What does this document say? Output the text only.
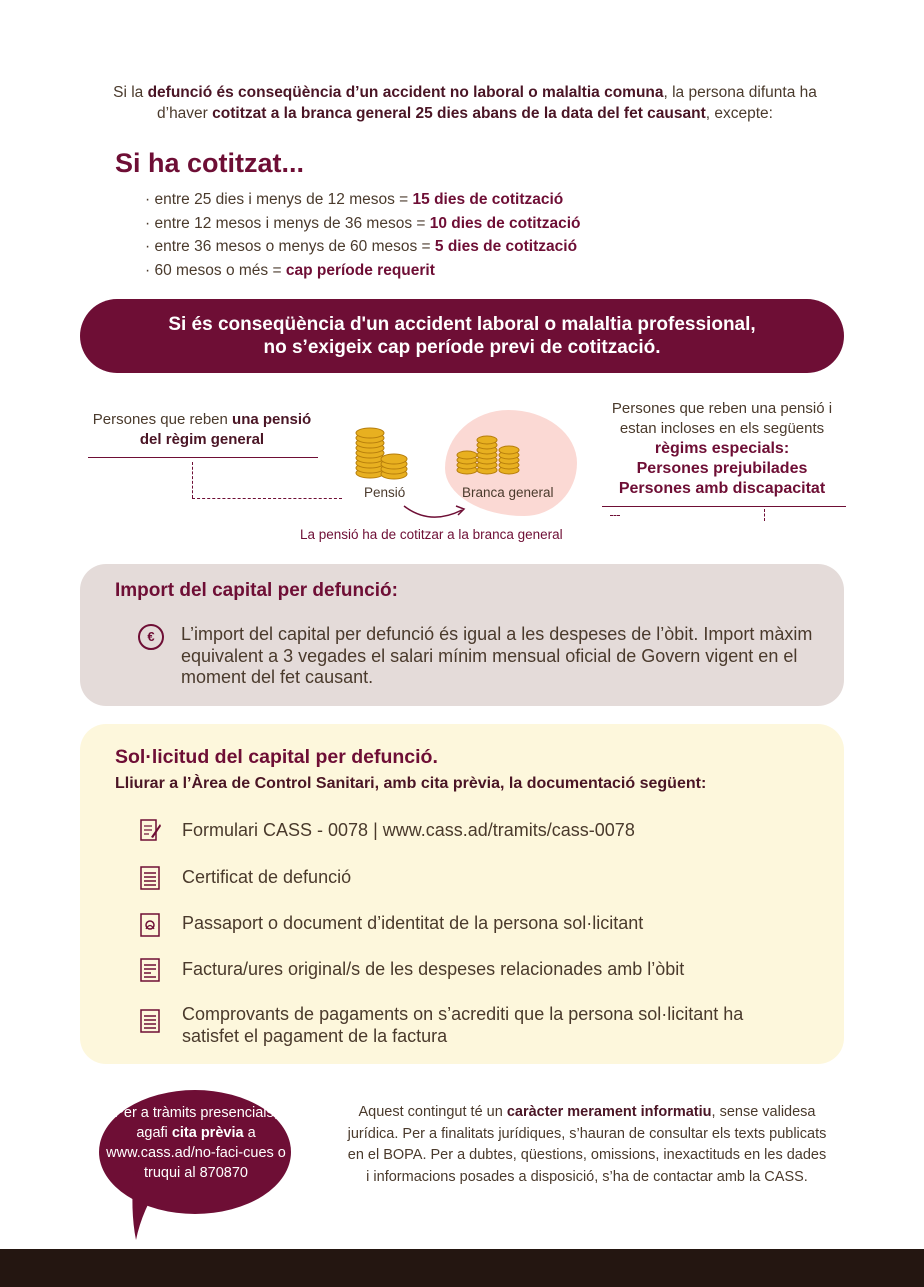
Si la defunció és conseqüència d’un accident no laboral o malaltia comuna, la persona difunta ha d’haver cotitzat a la branca general 25 dies abans de la data del fet causant, excepte:
Si ha cotitzat...
· entre 25 dies i menys de 12 mesos = 15 dies de cotització
· entre 12 mesos i menys de 36 mesos = 10 dies de cotització
· entre 36 mesos o menys de 60 mesos = 5 dies de cotització
· 60 mesos o més = cap període requerit
Si és conseqüència d'un accident laboral o malaltia professional,
no s’exigeix cap període previ de cotització.
Persones que reben una pensió del règim general
Pensió	Branca general
La pensió ha de cotitzar a la branca general
Persones que reben una pensió i estan incloses en els següents
règims especials:
Persones prejubilades
Persones amb discapacitat
Import del capital per defunció:
€	L’import del capital per defunció és igual a les despeses de l’òbit. Import màxim equivalent a 3 vegades el salari mínim mensual oficial de Govern vigent en el moment del fet causant.
Sol·licitud del capital per defunció.
Lliurar a l’Àrea de Control Sanitari, amb cita prèvia, la documentació següent:
Formulari CASS - 0078 | www.cass.ad/tramits/cass-0078
Certificat de defunció
Passaport o document d’identitat de la persona sol·licitant
Factura/ures original/s de les despeses relacionades amb l’òbit
Comprovants de pagaments on s’acrediti que la persona sol·licitant ha satisfet el pagament de la factura
Per a tràmits presencials, agafi cita prèvia a www.cass.ad/no-faci-cues o truqui al 870870
Aquest contingut té un caràcter merament informatiu, sense validesa jurídica. Per a finalitats jurídiques, s’hauran de consultar els texts publicats en el BOPA. Per a dubtes, qüestions, omissions, inexactituds en les dades i informacions posades a disposició, s’ha de contactar amb la CASS.
